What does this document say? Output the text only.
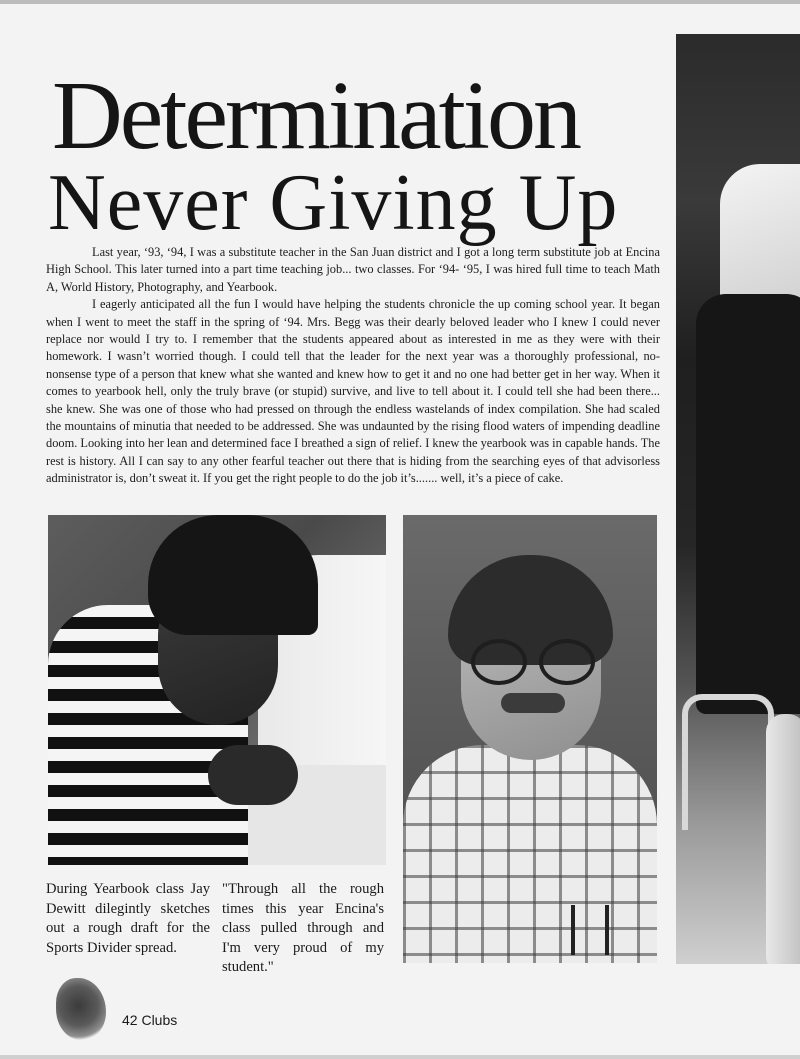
Determination
Never Giving Up

Last year, ‘93, ‘94, I was a substitute teacher in the San Juan district and I got a long term substitute job at Encina High School. This later turned into a part time teaching job... two classes. For ‘94- ‘95, I was hired full time to teach Math A, World History, Photography, and Yearbook.

I eagerly anticipated all the fun I would have helping the students chronicle the up coming school year. It began when I went to meet the staff in the spring of ‘94. Mrs. Begg was their dearly beloved leader who I knew I could never replace nor would I try to. I remember that the students appeared about as interested in me as they were with their homework. I wasn’t worried though. I could tell that the leader for the next year was a thoroughly professional, no-nonsense type of a person that knew what she wanted and knew how to get it and no one had better get in her way. When it comes to yearbook hell, only the truly brave (or stupid) survive, and live to tell about it. I could tell she had been there... she knew. She was one of those who had pressed on through the endless wastelands of index compilation. She had scaled the mountains of minutia that needed to be addressed. She was undaunted by the rising flood waters of impending deadline doom. Looking into her lean and determined face I breathed a sign of relief. I knew the yearbook was in capable hands. The rest is history. All I can say to any other fearful teacher out there that is hiding from the searching eyes of that advisorless administrator is, don’t sweat it. If you get the right people to do the job it’s....... well, it’s a piece of cake.

During Yearbook class Jay Dewitt dilegintly sketches out a rough draft for the Sports Divider spread.
"Through all the rough times this year Encina's class pulled through and I'm very proud of my student."
42 Clubs
